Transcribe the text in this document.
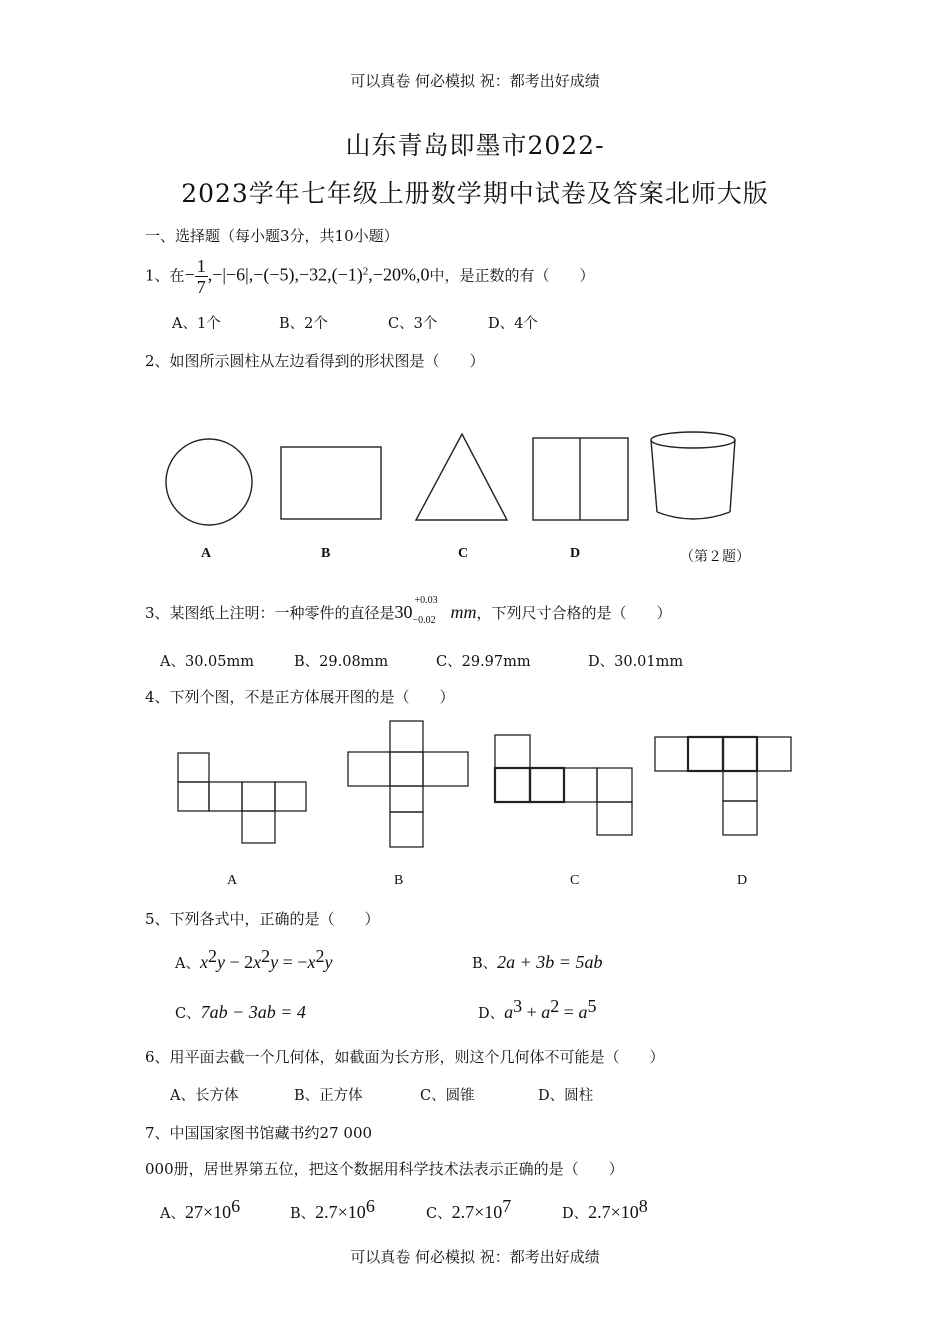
可以真卷 何必模拟 祝：都考出好成绩
山东青岛即墨市2022-
2023学年七年级上册数学期中试卷及答案北师大版
一、选择题（每小题3分，共10小题）
1、在− $\frac{1}{7} ,-|-6|,-(-5),-32,(-1)^2,-20\%,0$中，是正数的有（　　）
A、1个	B、2个	C、3个	D、4个
2、如图所示圆柱从左边看得到的形状图是（　　）
A	B	C	D	（第２题）
3、某图纸上注明：一种零件的直径是30
+0.03
−0.02 mm，下列尺寸合格的是（　　）
A、30.05mm	B、29.08mm	C、29.97mm	D、30.01mm
4、下列个图，不是正方体展开图的是（　　）
A	B	C	D
5、下列各式中，正确的是（　　）
A、$x^2y - 2x^2y = -x^2y$	B、2a + 3b = 5ab
C、7ab − 3ab = 4	D、$a^3 + a^2 = a^5$
6、用平面去截一个几何体，如截面为长方形，则这个几何体不可能是（　　）
A、长方体	B、正方体	C、圆锥	D、圆柱
7、中国国家图书馆藏书约27 000
000册，居世界第五位，把这个数据用科学技术法表示正确的是（　　）
A、$27\times 10^6$	B、$2.7\times 10^6$	C、$2.7\times 10^7$	D、$2.7\times 10^8$
可以真卷 何必模拟 祝：都考出好成绩
